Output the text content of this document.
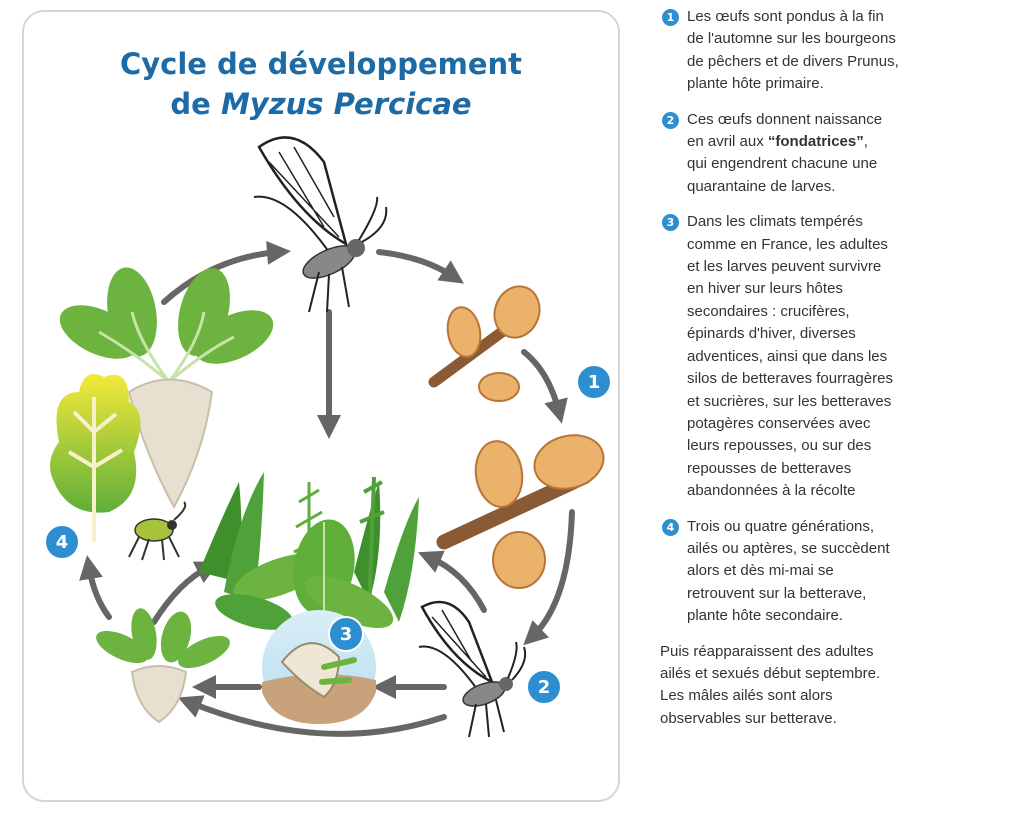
Cycle de développement
de Myzus Percicae
1
2
3
4
1 Les œufs sont pondus à la fin
de l'automne sur les bourgeons
de pêchers et de divers Prunus,
plante hôte primaire.
2 Ces œufs donnent naissance
en avril aux “fondatrices”,
qui engendrent chacune une
quarantaine de larves.
3 Dans les climats tempérés
comme en France, les adultes
et les larves peuvent survivre
en hiver sur leurs hôtes
secondaires : crucifères,
épinards d'hiver, diverses
adventices, ainsi que dans les
silos de betteraves fourragères
et sucrières, sur les betteraves
potagères conservées avec
leurs repousses, ou sur des
repousses de betteraves
abandonnées à la récolte
4 Trois ou quatre générations,
ailés ou aptères, se succèdent
alors et dès mi-mai se
retrouvent sur la betterave,
plante hôte secondaire.
Puis réapparaissent des adultes
ailés et sexués début septembre.
Les mâles ailés sont alors
observables sur betterave.
